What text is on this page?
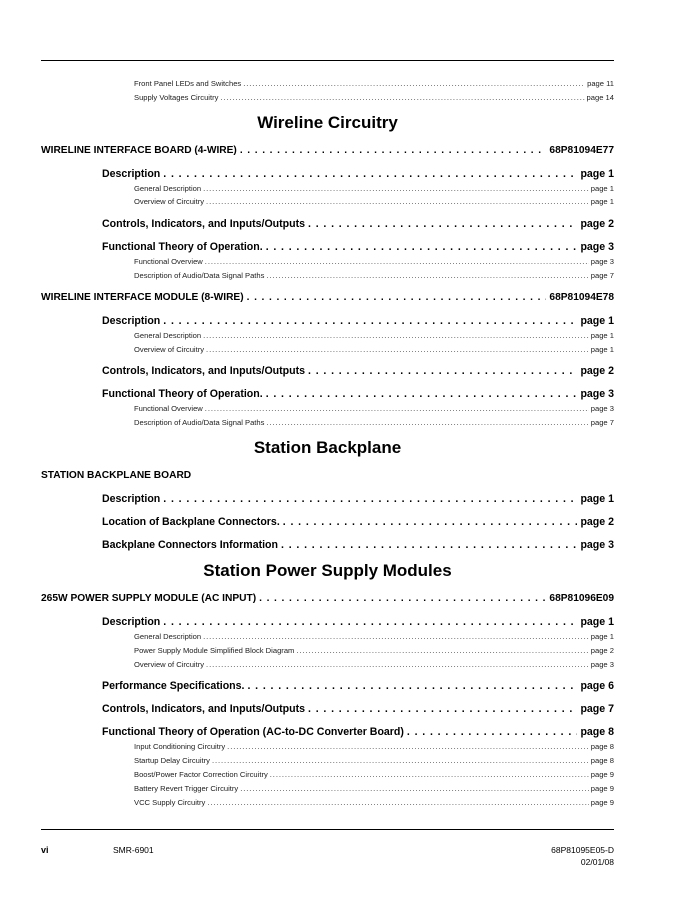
Front Panel LEDs and Switches . . .	page 11
Supply Voltages Circuitry . . .	page 14
Wireline Circuitry
WIRELINE INTERFACE BOARD (4-WIRE) . . .	68P81094E77
Description . . .	page 1
General Description . . .	page 1
Overview of Circuitry . . .	page 1
Controls, Indicators, and Inputs/Outputs . . .	page 2
Functional Theory of Operation. . . .	page 3
Functional Overview . . .	page 3
Description of Audio/Data Signal Paths . . .	page 7
WIRELINE INTERFACE MODULE (8-WIRE) . . .	68P81094E78
Description . . .	page 1
General Description . . .	page 1
Overview of Circuitry . . .	page 1
Controls, Indicators, and Inputs/Outputs . . .	page 2
Functional Theory of Operation. . . .	page 3
Functional Overview . . .	page 3
Description of Audio/Data Signal Paths . . .	page 7
Station Backplane
STATION BACKPLANE BOARD
Description . . .	page 1
Location of Backplane Connectors. . . .	page 2
Backplane Connectors Information . . .	page 3
Station Power Supply Modules
265W POWER SUPPLY MODULE (AC INPUT) . . .	68P81096E09
Description . . .	page 1
General Description . . .	page 1
Power Supply Module Simplified Block Diagram . . .	page 2
Overview of Circuitry . . .	page 3
Performance Specifications. . . .	page 6
Controls, Indicators, and Inputs/Outputs . . .	page 7
Functional Theory of Operation (AC-to-DC Converter Board) . . .	page 8
Input Conditioning Circuitry . . .	page 8
Startup Delay Circuitry . . .	page 8
Boost/Power Factor Correction Circuitry . . .	page 9
Battery Revert Trigger Circuitry . . .	page 9
VCC Supply Circuitry . . .	page 9
vi	SMR-6901	68P81095E05-D
02/01/08
